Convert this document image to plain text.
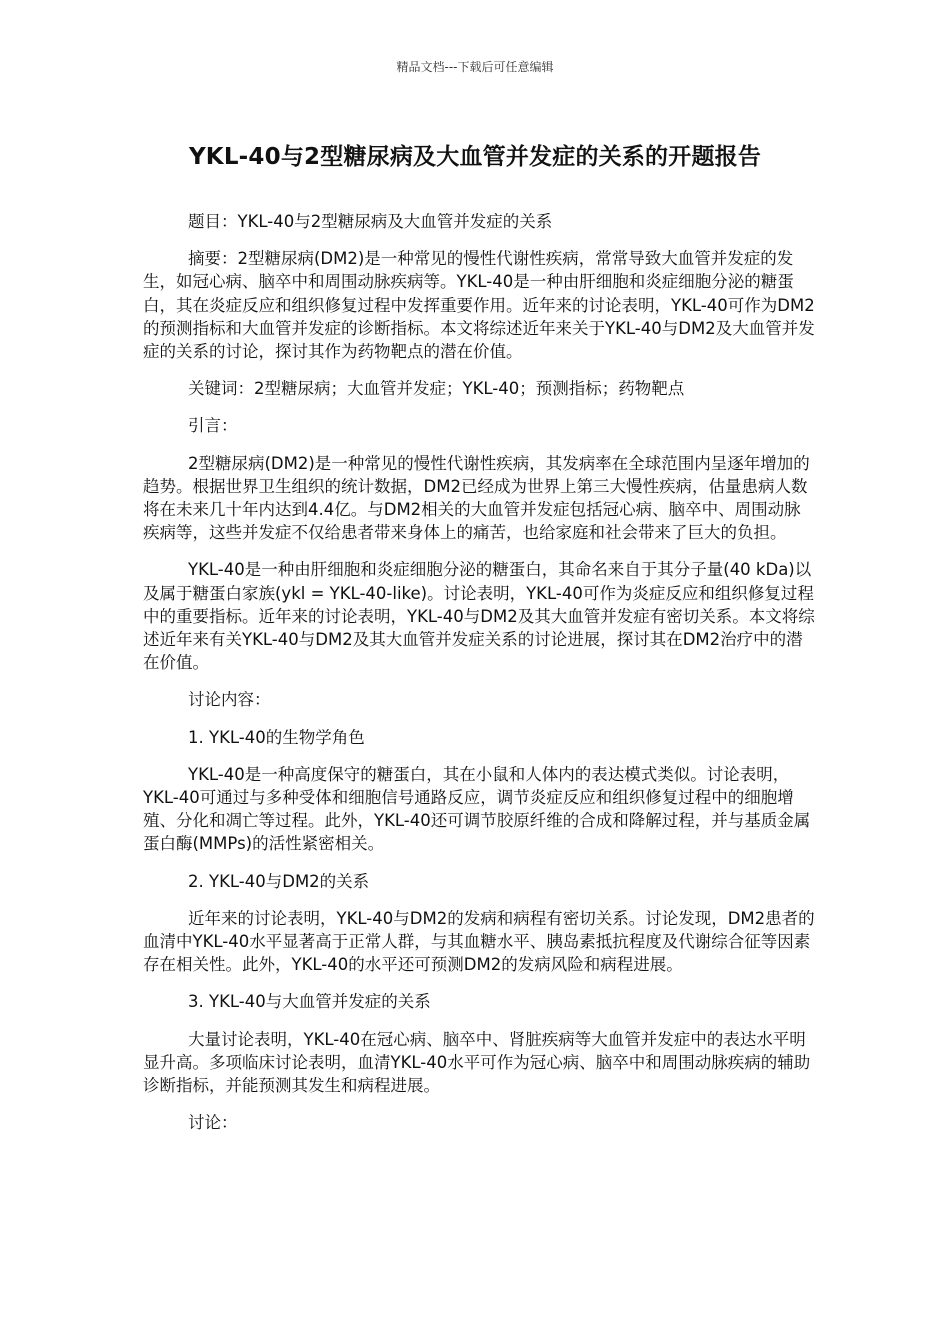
精品文档---下载后可任意编辑
YKL-40与2型糖尿病及大血管并发症的关系的开题报告

题目：YKL-40与2型糖尿病及大血管并发症的关系

摘要：2型糖尿病(DM2)是一种常见的慢性代谢性疾病，常常导致大血管并发症的发生，如冠心病、脑卒中和周围动脉疾病等。YKL-40是一种由肝细胞和炎症细胞分泌的糖蛋白，其在炎症反应和组织修复过程中发挥重要作用。近年来的讨论表明，YKL-40可作为DM2的预测指标和大血管并发症的诊断指标。本文将综述近年来关于YKL-40与DM2及大血管并发症的关系的讨论，探讨其作为药物靶点的潜在价值。

关键词：2型糖尿病；大血管并发症；YKL-40；预测指标；药物靶点

引言：

2型糖尿病(DM2)是一种常见的慢性代谢性疾病，其发病率在全球范围内呈逐年增加的趋势。根据世界卫生组织的统计数据，DM2已经成为世界上第三大慢性疾病，估量患病人数将在未来几十年内达到4.4亿。与DM2相关的大血管并发症包括冠心病、脑卒中、周围动脉疾病等，这些并发症不仅给患者带来身体上的痛苦，也给家庭和社会带来了巨大的负担。

YKL-40是一种由肝细胞和炎症细胞分泌的糖蛋白，其命名来自于其分子量(40 kDa)以及属于糖蛋白家族(ykl = YKL-40-like)。讨论表明，YKL-40可作为炎症反应和组织修复过程中的重要指标。近年来的讨论表明，YKL-40与DM2及其大血管并发症有密切关系。本文将综述近年来有关YKL-40与DM2及其大血管并发症关系的讨论进展，探讨其在DM2治疗中的潜在价值。

讨论内容：

1. YKL-40的生物学角色

YKL-40是一种高度保守的糖蛋白，其在小鼠和人体内的表达模式类似。讨论表明，YKL-40可通过与多种受体和细胞信号通路反应，调节炎症反应和组织修复过程中的细胞增殖、分化和凋亡等过程。此外，YKL-40还可调节胶原纤维的合成和降解过程，并与基质金属蛋白酶(MMPs)的活性紧密相关。

2. YKL-40与DM2的关系

近年来的讨论表明，YKL-40与DM2的发病和病程有密切关系。讨论发现，DM2患者的血清中YKL-40水平显著高于正常人群，与其血糖水平、胰岛素抵抗程度及代谢综合征等因素存在相关性。此外，YKL-40的水平还可预测DM2的发病风险和病程进展。

3. YKL-40与大血管并发症的关系

大量讨论表明，YKL-40在冠心病、脑卒中、肾脏疾病等大血管并发症中的表达水平明显升高。多项临床讨论表明，血清YKL-40水平可作为冠心病、脑卒中和周围动脉疾病的辅助诊断指标，并能预测其发生和病程进展。

讨论：
